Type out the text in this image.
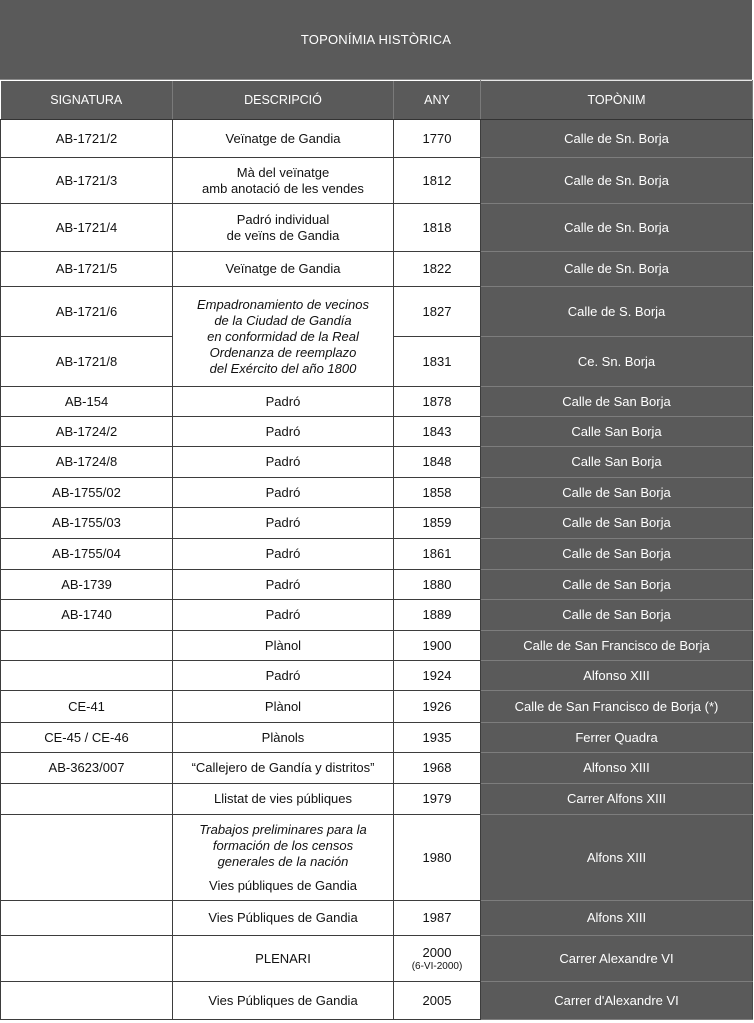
TOPONÍMIA HISTÒRICA
SIGNATURA	DESCRIPCIÓ	ANY	TOPÒNIM
AB-1721/2	Veïnatge de Gandia	1770	Calle de Sn. Borja
AB-1721/3	Mà del veïnatge
amb anotació de les vendes	1812	Calle de Sn. Borja
AB-1721/4	Padró individual
de veïns de Gandia	1818	Calle de Sn. Borja
AB-1721/5	Veïnatge de Gandia	1822	Calle de Sn. Borja
AB-1721/6	Empadronamiento de vecinos
de la Ciudad de Gandía
en conformidad de la Real
Ordenanza de reemplazo
del Exército del año 1800	1827	Calle de S. Borja
AB-1721/8		1831	Ce. Sn. Borja
AB-154	Padró	1878	Calle de San Borja
AB-1724/2	Padró	1843	Calle San Borja
AB-1724/8	Padró	1848	Calle San Borja
AB-1755/02	Padró	1858	Calle de San Borja
AB-1755/03	Padró	1859	Calle de San Borja
AB-1755/04	Padró	1861	Calle de San Borja
AB-1739	Padró	1880	Calle de San Borja
AB-1740	Padró	1889	Calle de San Borja
	Plànol	1900	Calle de San Francisco de Borja
	Padró	1924	Alfonso XIII
CE-41	Plànol	1926	Calle de San Francisco de Borja (*)
CE-45 / CE-46	Plànols	1935	Ferrer Quadra
AB-3623/007	“Callejero de Gandía y distritos”	1968	Alfonso XIII
	Llistat de vies públiques	1979	Carrer Alfons XIII
	Trabajos preliminares para la
formación de los censos
generales de la nación
Vies públiques de Gandia	1980	Alfons XIII
	Vies Públiques de Gandia	1987	Alfons XIII
	PLENARI	2000
(6-VI-2000)	Carrer Alexandre VI
	Vies Públiques de Gandia	2005	Carrer d'Alexandre VI
